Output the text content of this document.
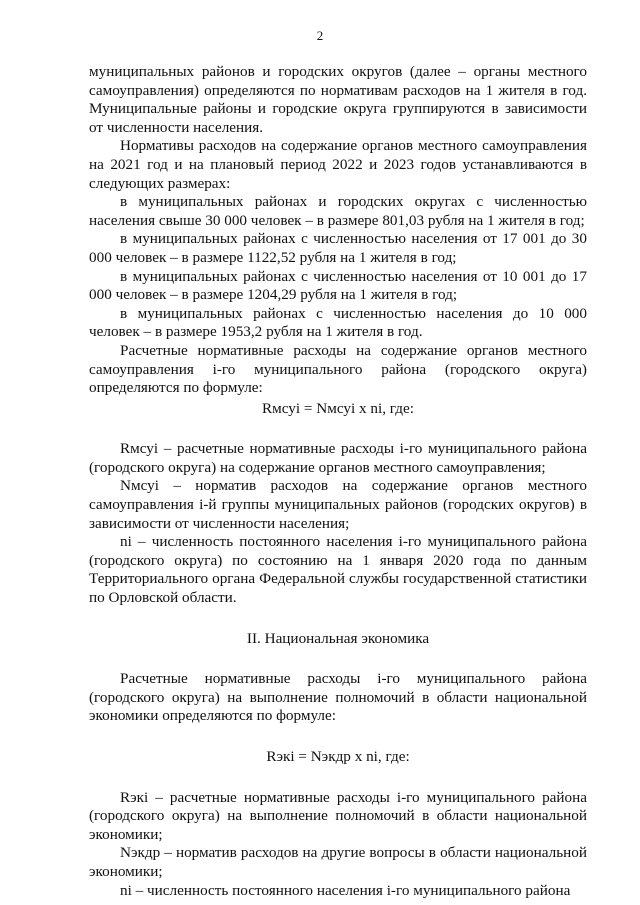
2

муниципальных районов и городских округов (далее – органы местного самоуправления) определяются по нормативам расходов на 1 жителя в год. Муниципальные районы и городские округа группируются в зависимости от численности населения.

Нормативы расходов на содержание органов местного самоуправления на 2021 год и на плановый период 2022 и 2023 годов устанавливаются в следующих размерах:

в муниципальных районах и городских округах с численностью населения свыше 30 000 человек – в размере 801,03 рубля на 1 жителя в год;

в муниципальных районах с численностью населения от 17 001 до 30 000 человек – в размере 1122,52 рубля на 1 жителя в год;

в муниципальных районах с численностью населения от 10 001 до 17 000 человек – в размере 1204,29 рубля на 1 жителя в год;

в муниципальных районах с численностью населения до 10 000 человек – в размере 1953,2 рубля на 1 жителя в год.

Расчетные нормативные расходы на содержание органов местного самоуправления i-го муниципального района (городского округа) определяются по формуле:

Rмсуi = Nмсуi x ni, где:

Rмсуi – расчетные нормативные расходы i-го муниципального района (городского округа) на содержание органов местного самоуправления;

Nмсуi – норматив расходов на содержание органов местного самоуправления i-й группы муниципальных районов (городских округов) в зависимости от численности населения;

ni – численность постоянного населения i-го муниципального района (городского округа) по состоянию на 1 января 2020 года по данным Территориального органа Федеральной службы государственной статистики по Орловской области.

II. Национальная экономика

Расчетные нормативные расходы i-го муниципального района (городского округа) на выполнение полномочий в области национальной экономики определяются по формуле:

Rэкi = Nэкдр x ni, где:

Rэкi – расчетные нормативные расходы i-го муниципального района (городского округа) на выполнение полномочий в области национальной экономики;

Nэкдр – норматив расходов на другие вопросы в области национальной экономики;

ni – численность постоянного населения i-го муниципального района
